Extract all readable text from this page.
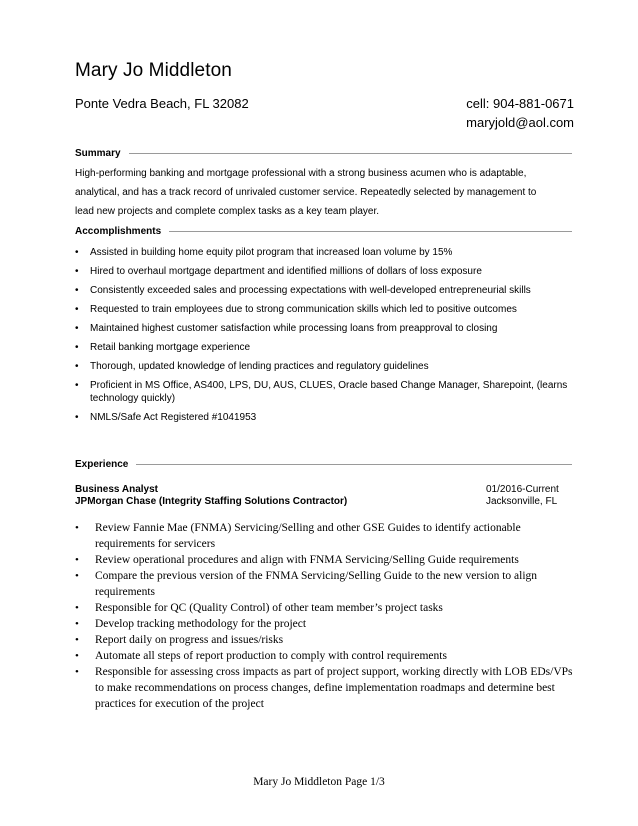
Mary Jo Middleton
Ponte Vedra Beach, FL 32082	cell: 904-881-0671
maryjold@aol.com
Summary
High-performing banking and mortgage professional with a strong business acumen who is adaptable,
analytical, and has a track record of unrivaled customer service. Repeatedly selected by management to
lead new projects and complete complex tasks as a key team player.
Accomplishments
• Assisted in building home equity pilot program that increased loan volume by 15%
• Hired to overhaul mortgage department and identified millions of dollars of loss exposure
• Consistently exceeded sales and processing expectations with well-developed entrepreneurial skills
• Requested to train employees due to strong communication skills which led to positive outcomes
• Maintained highest customer satisfaction while processing loans from preapproval to closing
• Retail banking mortgage experience
• Thorough, updated knowledge of lending practices and regulatory guidelines
• Proficient in MS Office, AS400, LPS, DU, AUS, CLUES, Oracle based Change Manager, Sharepoint, (learns technology quickly)
• NMLS/Safe Act Registered #1041953
Experience
Business Analyst
JPMorgan Chase (Integrity Staffing Solutions Contractor)
01/2016-Current
Jacksonville, FL
• Review Fannie Mae (FNMA) Servicing/Selling and other GSE Guides to identify actionable requirements for servicers
• Review operational procedures and align with FNMA Servicing/Selling Guide requirements
• Compare the previous version of the FNMA Servicing/Selling Guide to the new version to align requirements
• Responsible for QC (Quality Control) of other team member’s project tasks
• Develop tracking methodology for the project
• Report daily on progress and issues/risks
• Automate all steps of report production to comply with control requirements
• Responsible for assessing cross impacts as part of project support, working directly with LOB EDs/VPs to make recommendations on process changes, define implementation roadmaps and determine best practices for execution of the project
Mary Jo Middleton Page 1/3
